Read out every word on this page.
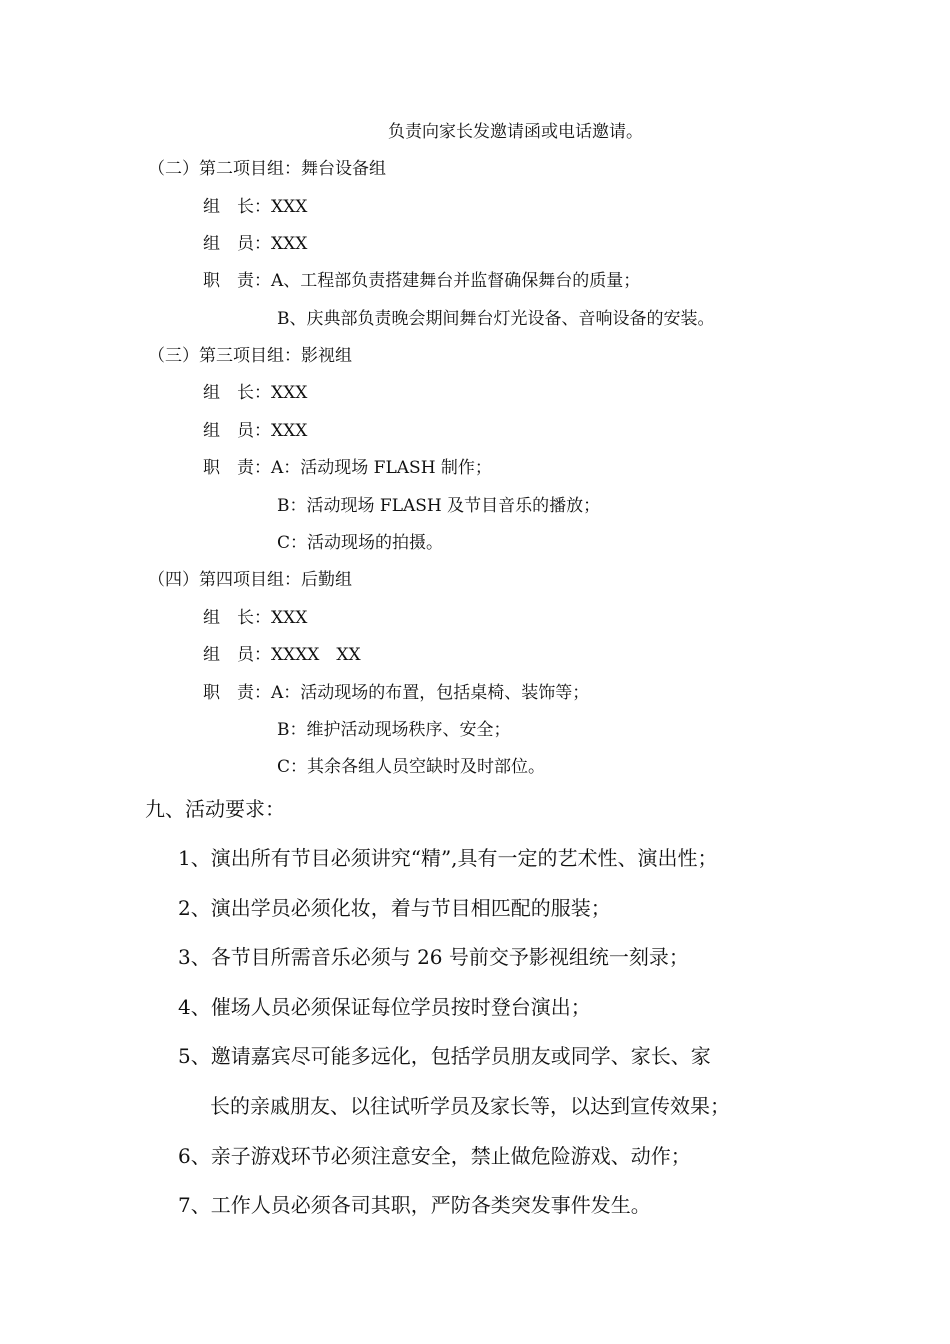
负责向家长发邀请函或电话邀请。
（二）第二项目组：舞台设备组
组　长：XXX
组　员：XXX
职　责：A、工程部负责搭建舞台并监督确保舞台的质量；
B、庆典部负责晚会期间舞台灯光设备、音响设备的安装。
（三）第三项目组：影视组
组　长：XXX
组　员：XXX
职　责：A：活动现场 FLASH 制作；
B：活动现场 FLASH 及节目音乐的播放；
C：活动现场的拍摄。
（四）第四项目组：后勤组
组　长：XXX
组　员：XXXX　XX
职　责：A：活动现场的布置，包括桌椅、装饰等；
B：维护活动现场秩序、安全；
C：其余各组人员空缺时及时部位。
九、活动要求：
1、演出所有节目必须讲究“精”,具有一定的艺术性、演出性；
2、演出学员必须化妆，着与节目相匹配的服装；
3、各节目所需音乐必须与 26 号前交予影视组统一刻录；
4、催场人员必须保证每位学员按时登台演出；
5、邀请嘉宾尽可能多远化，包括学员朋友或同学、家长、家
长的亲戚朋友、以往试听学员及家长等，以达到宣传效果；
6、亲子游戏环节必须注意安全，禁止做危险游戏、动作；
7、工作人员必须各司其职，严防各类突发事件发生。
